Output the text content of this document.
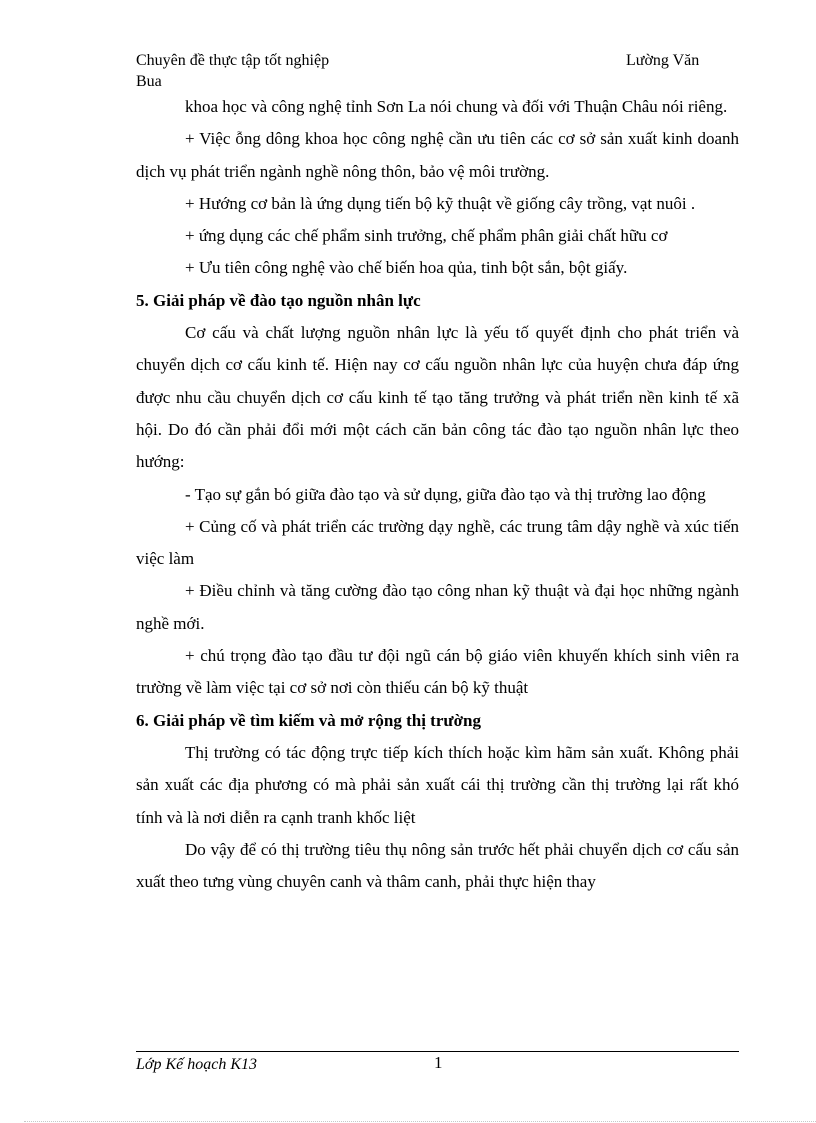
Chuyên đề thực tập tốt nghiệp	Lường Văn
Bua

khoa học và công nghệ tỉnh Sơn La nói chung và đối với Thuận Châu nói riêng.

+ Việc ỗng dông khoa học công nghệ cần ưu tiên các cơ sở sản xuất kinh doanh dịch vụ phát triển ngành nghề nông thôn, bảo vệ môi trường.

+ Hướng cơ bản là ứng dụng tiến bộ kỹ thuật về giống cây trồng, vạt nuôi .

+ ứng dụng các chế phẩm sinh trưởng, chế phẩm phân giải chất hữu cơ

+ Ưu tiên công nghệ vào chế biến hoa qủa, tinh bột sắn, bột giấy.

5. Giải pháp về đào tạo nguồn nhân lực

Cơ cấu và chất lượng nguồn nhân lực là yếu tố quyết định cho phát triển và chuyển dịch cơ cấu kinh tế. Hiện nay cơ cấu nguồn nhân lực của huyện chưa đáp ứng được nhu cầu chuyển dịch cơ cấu kinh tế tạo tăng trưởng và phát triển nền kinh tế xã hội. Do đó cần phải đổi mới một cách căn bản công tác đào tạo nguồn nhân lực theo hướng:

- Tạo sự gắn bó giữa đào tạo và sử dụng, giữa đào tạo và thị trường lao động

+ Củng cố và phát triển các trường dạy nghề, các trung tâm dậy nghề và xúc tiến việc làm

+ Điều chỉnh và tăng cường đào tạo công nhan kỹ thuật và đại học những ngành nghề mới.

+ chú trọng đào tạo đầu tư đội ngũ cán bộ giáo viên khuyến khích sinh viên ra trường về làm việc tại cơ sở nơi còn thiếu cán bộ kỹ thuật

6. Giải pháp về tìm kiếm và mở rộng thị trường

Thị trường có tác động trực tiếp kích thích hoặc kìm hãm sản xuất. Không phải sản xuất các địa phương có mà phải sản xuất cái thị trường cần thị trường lại rất khó tính và là nơi diễn ra cạnh tranh khốc liệt

Do vậy để có thị trường tiêu thụ nông sản trước hết phải chuyển dịch cơ cấu sản xuất theo tưng vùng chuyên canh và thâm canh, phải thực hiện thay

Lớp Kế hoạch K13	1
